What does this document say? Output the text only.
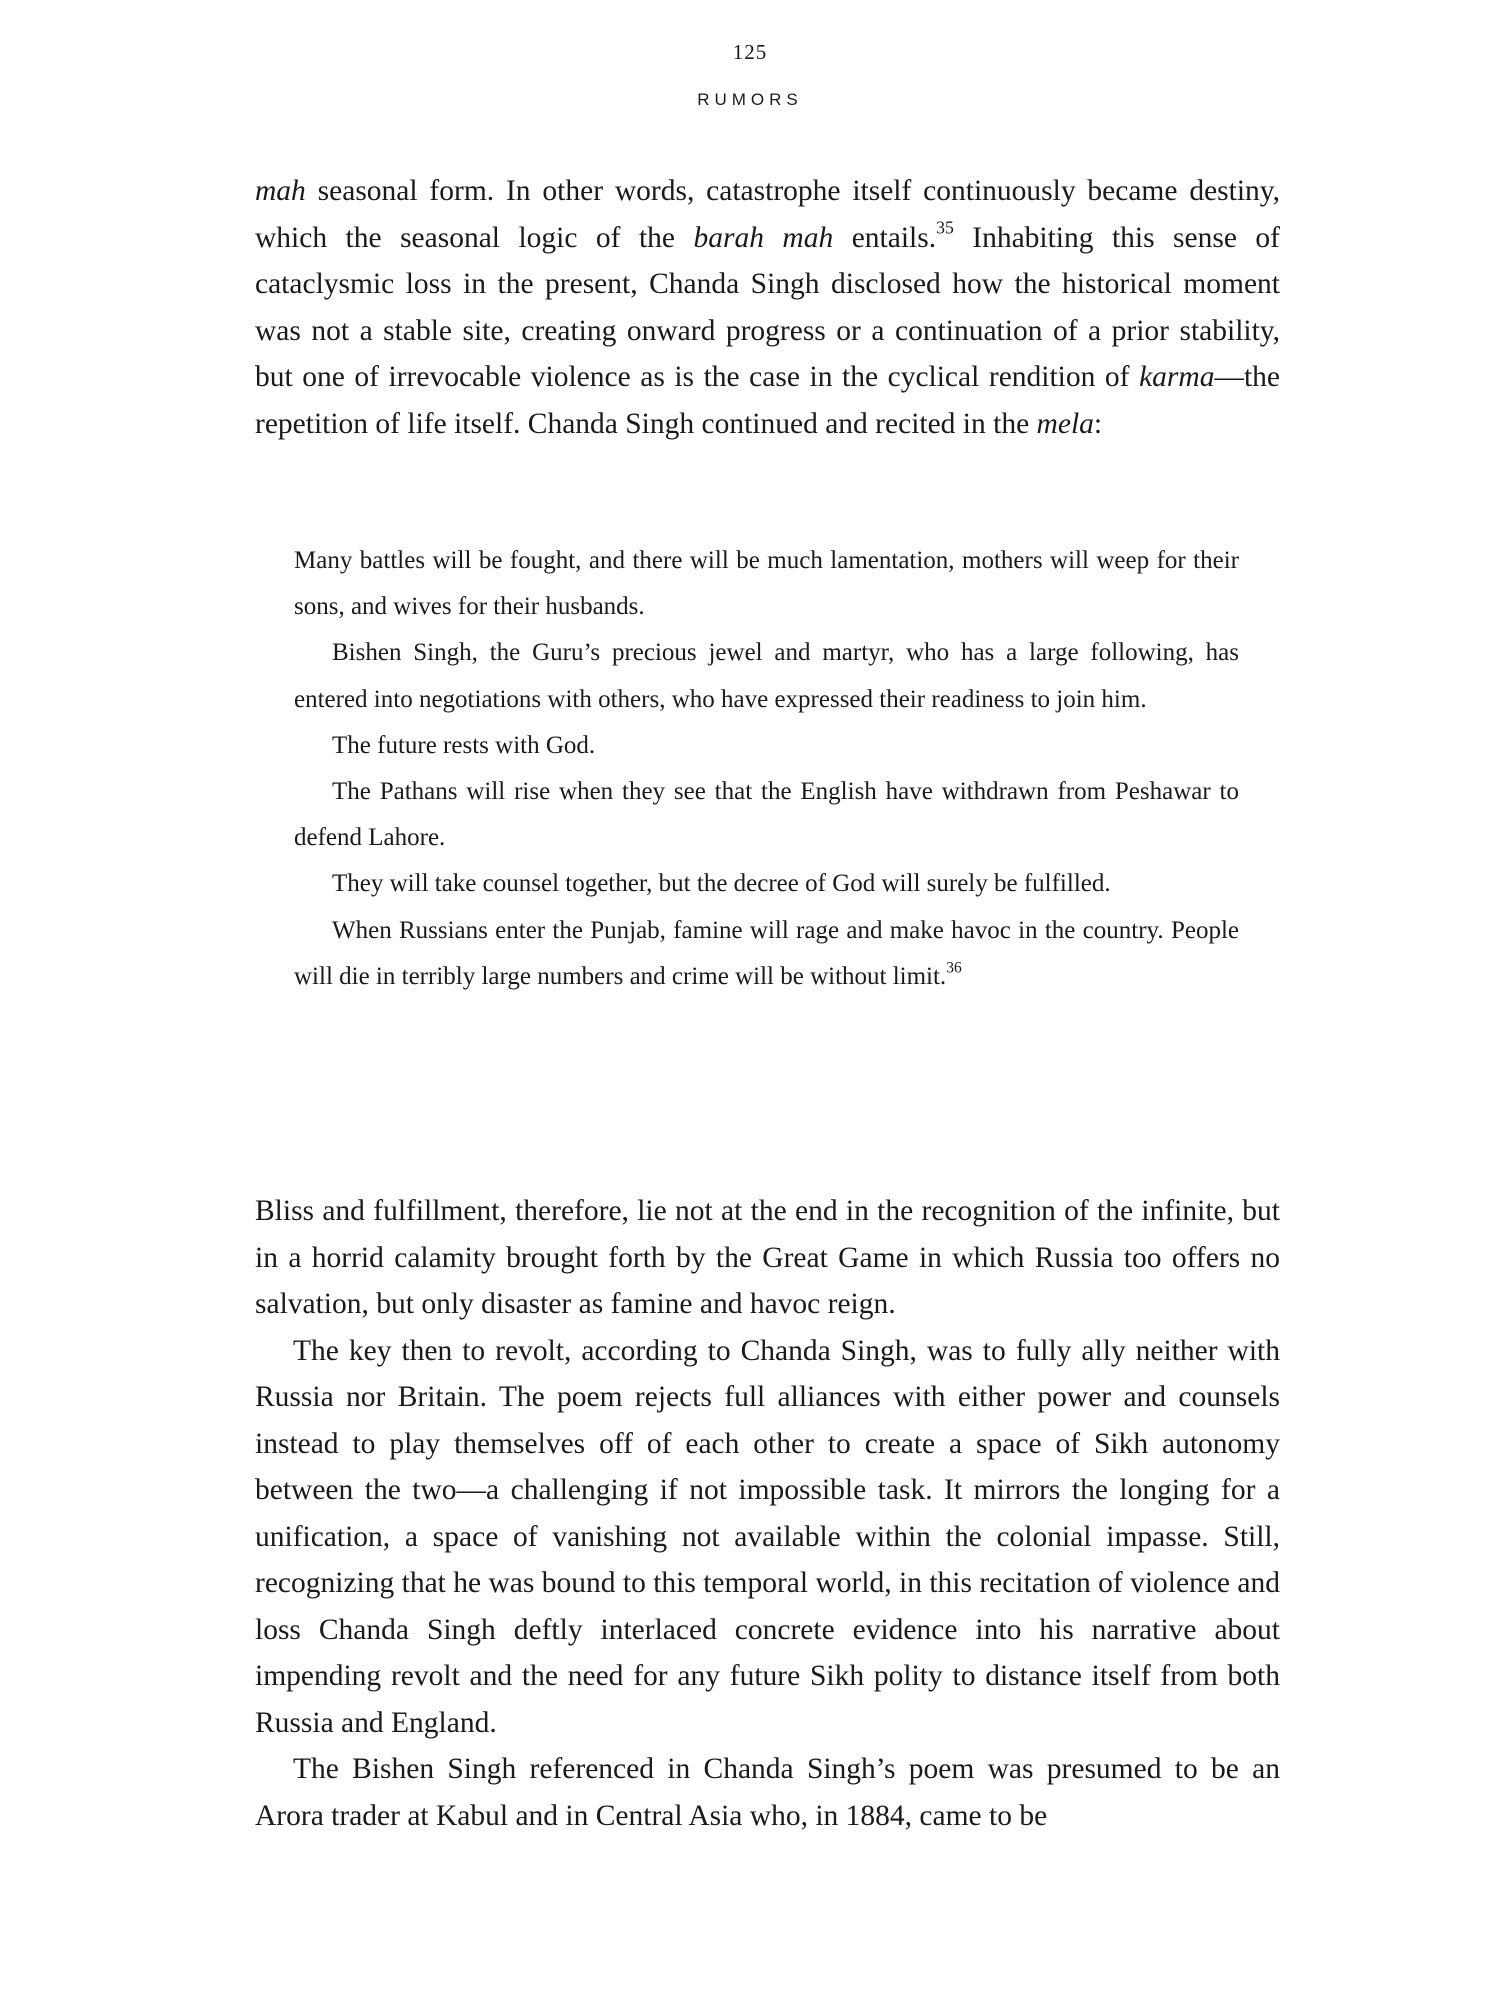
125
RUMORS

mah seasonal form. In other words, catastrophe itself continuously became destiny, which the seasonal logic of the barah mah entails.$^{35}$ Inhabiting this sense of cataclysmic loss in the present, Chanda Singh disclosed how the historical moment was not a stable site, creating onward progress or a continuation of a prior stability, but one of irrevocable violence as is the case in the cyclical rendition of karma—the repetition of life itself. Chanda Singh continued and recited in the mela:

Many battles will be fought, and there will be much lamentation, mothers will weep for their sons, and wives for their husbands.

Bishen Singh, the Guru’s precious jewel and martyr, who has a large following, has entered into negotiations with others, who have expressed their readiness to join him.

The future rests with God.

The Pathans will rise when they see that the English have withdrawn from Peshawar to defend Lahore.

They will take counsel together, but the decree of God will surely be fulfilled.

When Russians enter the Punjab, famine will rage and make havoc in the country. People will die in terribly large numbers and crime will be without limit.$^{36}$

Bliss and fulfillment, therefore, lie not at the end in the recognition of the infinite, but in a horrid calamity brought forth by the Great Game in which Russia too offers no salvation, but only disaster as famine and havoc reign.

The key then to revolt, according to Chanda Singh, was to fully ally neither with Russia nor Britain. The poem rejects full alliances with either power and counsels instead to play themselves off of each other to create a space of Sikh autonomy between the two—a challenging if not impossible task. It mirrors the longing for a unification, a space of vanishing not available within the colonial impasse. Still, recognizing that he was bound to this temporal world, in this recitation of violence and loss Chanda Singh deftly interlaced concrete evidence into his narrative about impending revolt and the need for any future Sikh polity to distance itself from both Russia and England.

The Bishen Singh referenced in Chanda Singh’s poem was presumed to be an Arora trader at Kabul and in Central Asia who, in 1884, came to be
